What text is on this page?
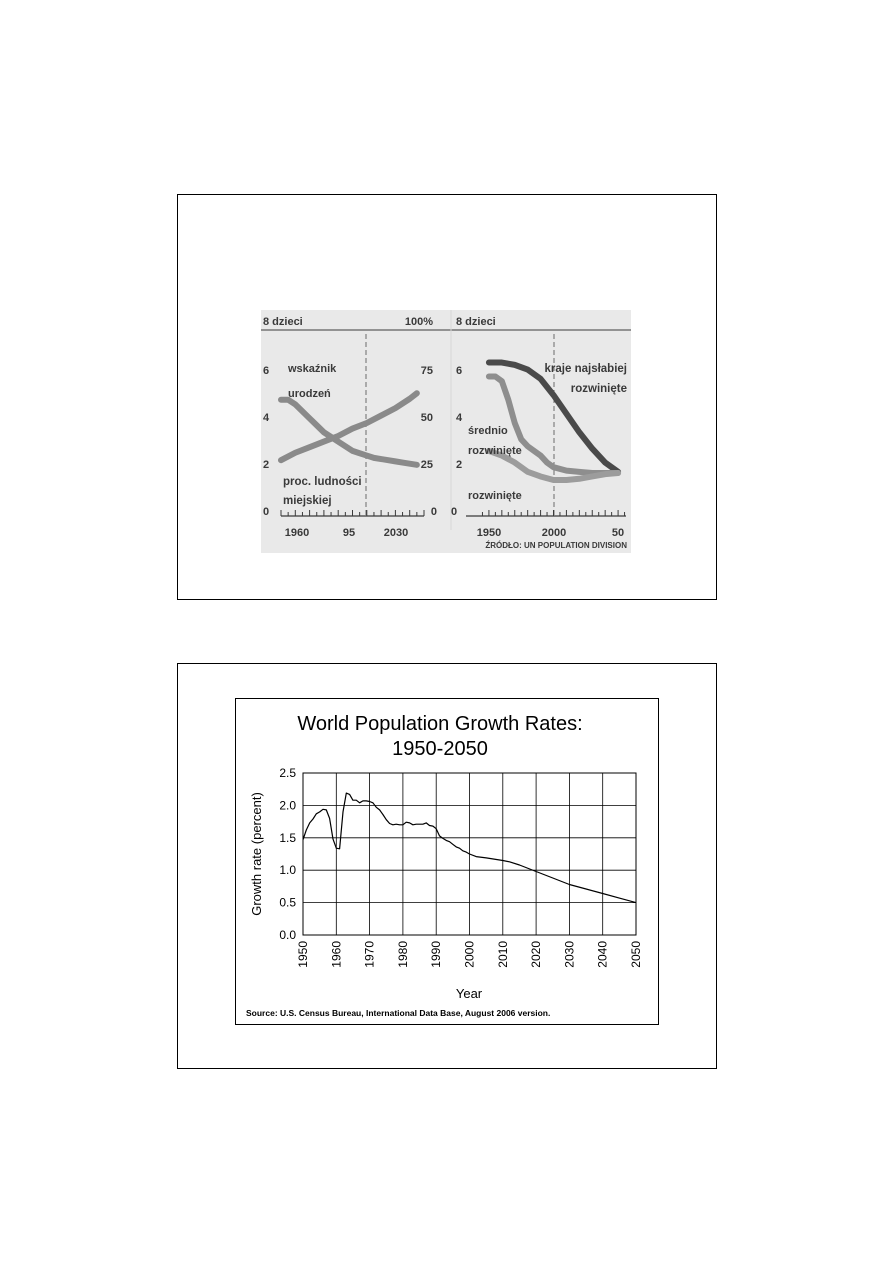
8 dzieci
6
4
2
0
100%
75
50
25
0
1960	95	2030
wskaźnik
urodzeń
proc. ludności
miejskiej
8 dzieci
6
4
2
0
1950	2000	50
kraje najsłabiej
rozwinięte
średnio
rozwinięte
rozwinięte
ŹRÓDŁO: UN POPULATION DIVISION
World Population Growth Rates:
1950-2050
0.0
0.5
1.0
1.5
2.0
2.5
1950 1960 1970 1980 1990 2000 2010 2020 2030 2040 2050
Year
Growth rate (percent)
Source: U.S. Census Bureau, International Data Base, August 2006 version.
